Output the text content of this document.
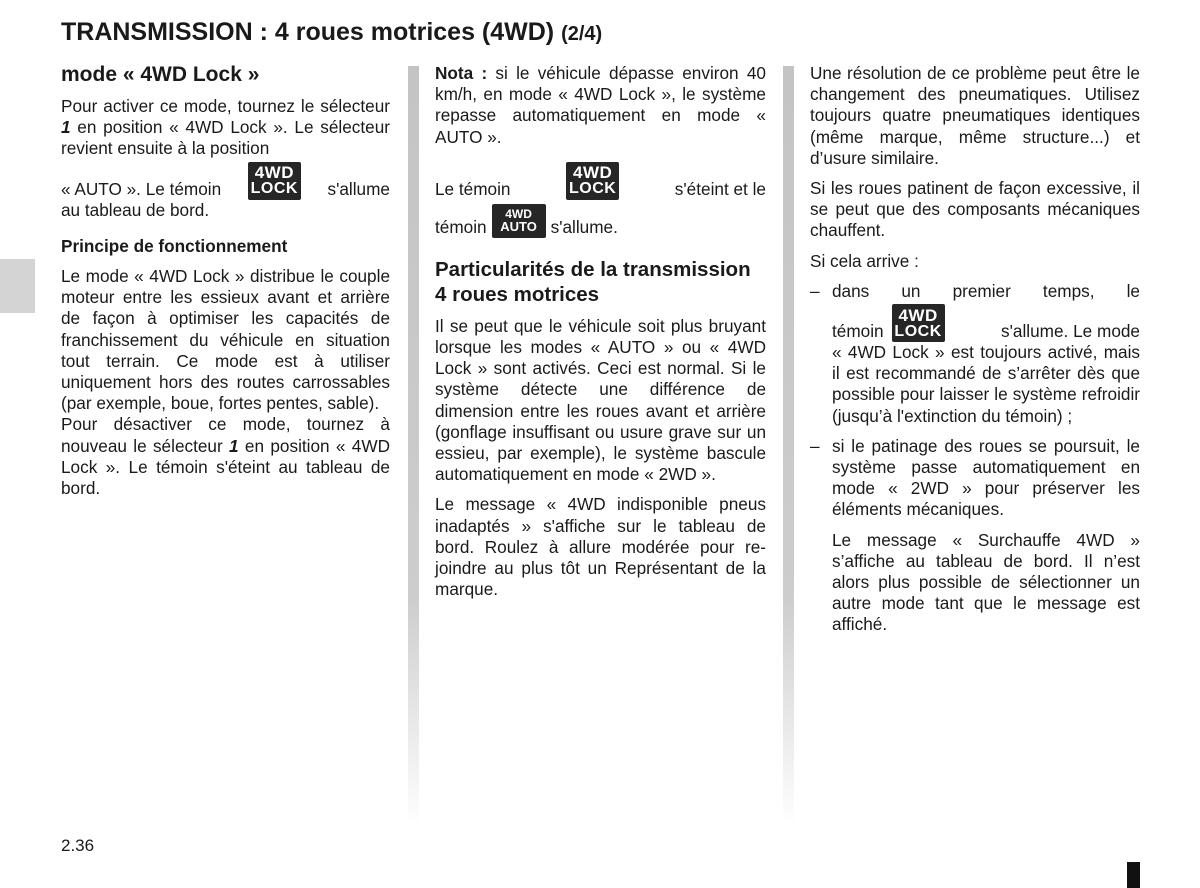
TRANSMISSION : 4 roues motrices (4WD) (2/4)
mode « 4WD Lock »

Pour activer ce mode, tournez le sélecteur 1 en position « 4WD Lock ». Le sélecteur revient ensuite à la position

« AUTO ». Le témoin
4WD
LOCK s'allume

au tableau de bord.

Principe de fonctionnement

Le mode « 4WD Lock » distribue le couple moteur entre les essieux avant et arrière de façon à optimiser les capacités de franchissement du véhicule en situation tout terrain. Ce mode est à utiliser uniquement hors des routes carrossables (par exemple, boue, fortes pentes, sable).

Pour désactiver ce mode, tournez à nouveau le sélecteur 1 en position « 4WD Lock ». Le témoin s'éteint au tableau de bord.

Nota : si le véhicule dépasse environ 40 km/h, en mode « 4WD Lock », le système repasse automatiquement en mode « AUTO ».

Le témoin
4WD
LOCK	s'éteint et le
témoin
4WD
AUTO s'allume.
Particularités de la transmission 4 roues motrices

Il se peut que le véhicule soit plus bruyant lorsque les modes « AUTO » ou « 4WD Lock » sont activés. Ceci est normal. Si le système détecte une différence de dimension entre les roues avant et arrière (gonflage insuffisant ou usure grave sur un essieu, par exemple), le système bascule automatiquement en mode « 2WD ».

Le message « 4WD indisponible pneus inadaptés » s'affiche sur le tableau de bord. Roulez à allure modérée pour rejoindre au plus tôt un Représentant de la marque.

Une résolution de ce problème peut être le changement des pneumatiques. Utilisez toujours quatre pneumatiques identiques (même marque, même structure...) et d’usure similaire.

Si les roues patinent de façon excessive, il se peut que des composants mécaniques chauffent.

Si cela arrive :

– dans un premier temps, le

témoin
4WD
LOCK	s'allume. Le mode

« 4WD Lock » est toujours activé, mais il est recommandé de s’arrêter dès que possible pour laisser le système refroidir (jusqu’à l'extinction du témoin) ;

– si le patinage des roues se poursuit, le système passe automatiquement en mode « 2WD » pour préserver les éléments mécaniques.

Le message « Surchauffe 4WD » s’affiche au tableau de bord. Il n’est alors plus possible de sélectionner un autre mode tant que le message est affiché.

2.36
